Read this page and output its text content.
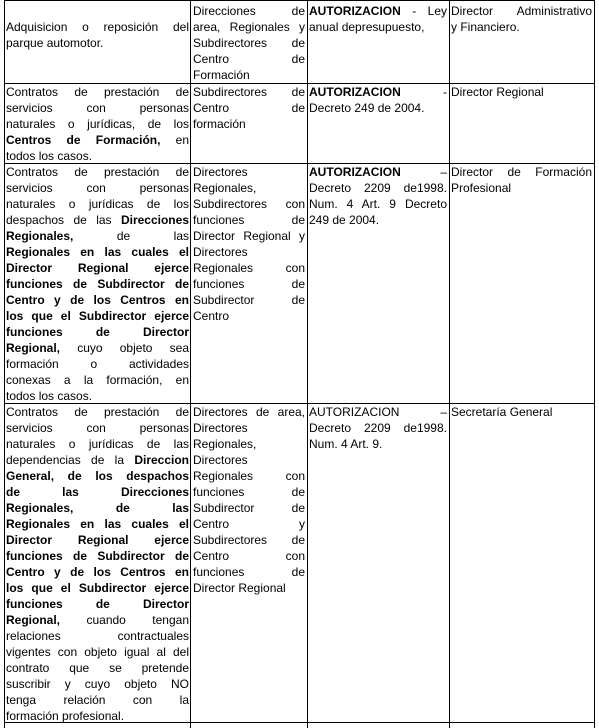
Adquisicion o reposición del

parque automotor.

Direcciones de

area, Regionales y

Subdirectores de

Centro de

Formación

AUTORIZACION - Ley

anual depresupuesto,

Director Administrativo

y Financiero.

Contratos de prestación de

servicios con personas

naturales o jurídicas, de los

Centros de Formación, en

todos los casos.

Subdirectores de

Centro de

formación

AUTORIZACION -

Decreto 249 de 2004.

Director Regional

Contratos de prestación de

servicios con personas

naturales o jurídicas de los

despachos de las Direcciones

Regionales, de las

Regionales en las cuales el

Director Regional ejerce

funciones de Subdirector de

Centro y de los Centros en

los que el Subdirector ejerce

funciones de Director

Regional, cuyo objeto sea

formación o actividades

conexas a la formación, en

todos los casos.

Directores

Regionales,

Subdirectores con

funciones de

Director Regional y

Directores

Regionales con

funciones de

Subdirector de

Centro

AUTORIZACION –

Decreto 2209 de1998.

Num. 4 Art. 9 Decreto

249 de 2004.

Director de Formación

Profesional

Contratos de prestación de

servicios con personas

naturales o jurídicas de las

dependencias de la Direccion

General, de los despachos

de las Direcciones

Regionales, de las

Regionales en las cuales el

Director Regional ejerce

funciones de Subdirector de

Centro y de los Centros en

los que el Subdirector ejerce

funciones de Director

Regional, cuando tengan

relaciones contractuales

vigentes con objeto igual al del

contrato que se pretende

suscribir y cuyo objeto NO

tenga relación con la

formación profesional.

Directores de area,

Directores

Regionales,

Directores

Regionales con

funciones de

Subdirector de

Centro y

Subdirectores de

Centro con

funciones de

Director Regional

AUTORIZACION –

Decreto 2209 de1998.

Num. 4 Art. 9.

Secretaría General
